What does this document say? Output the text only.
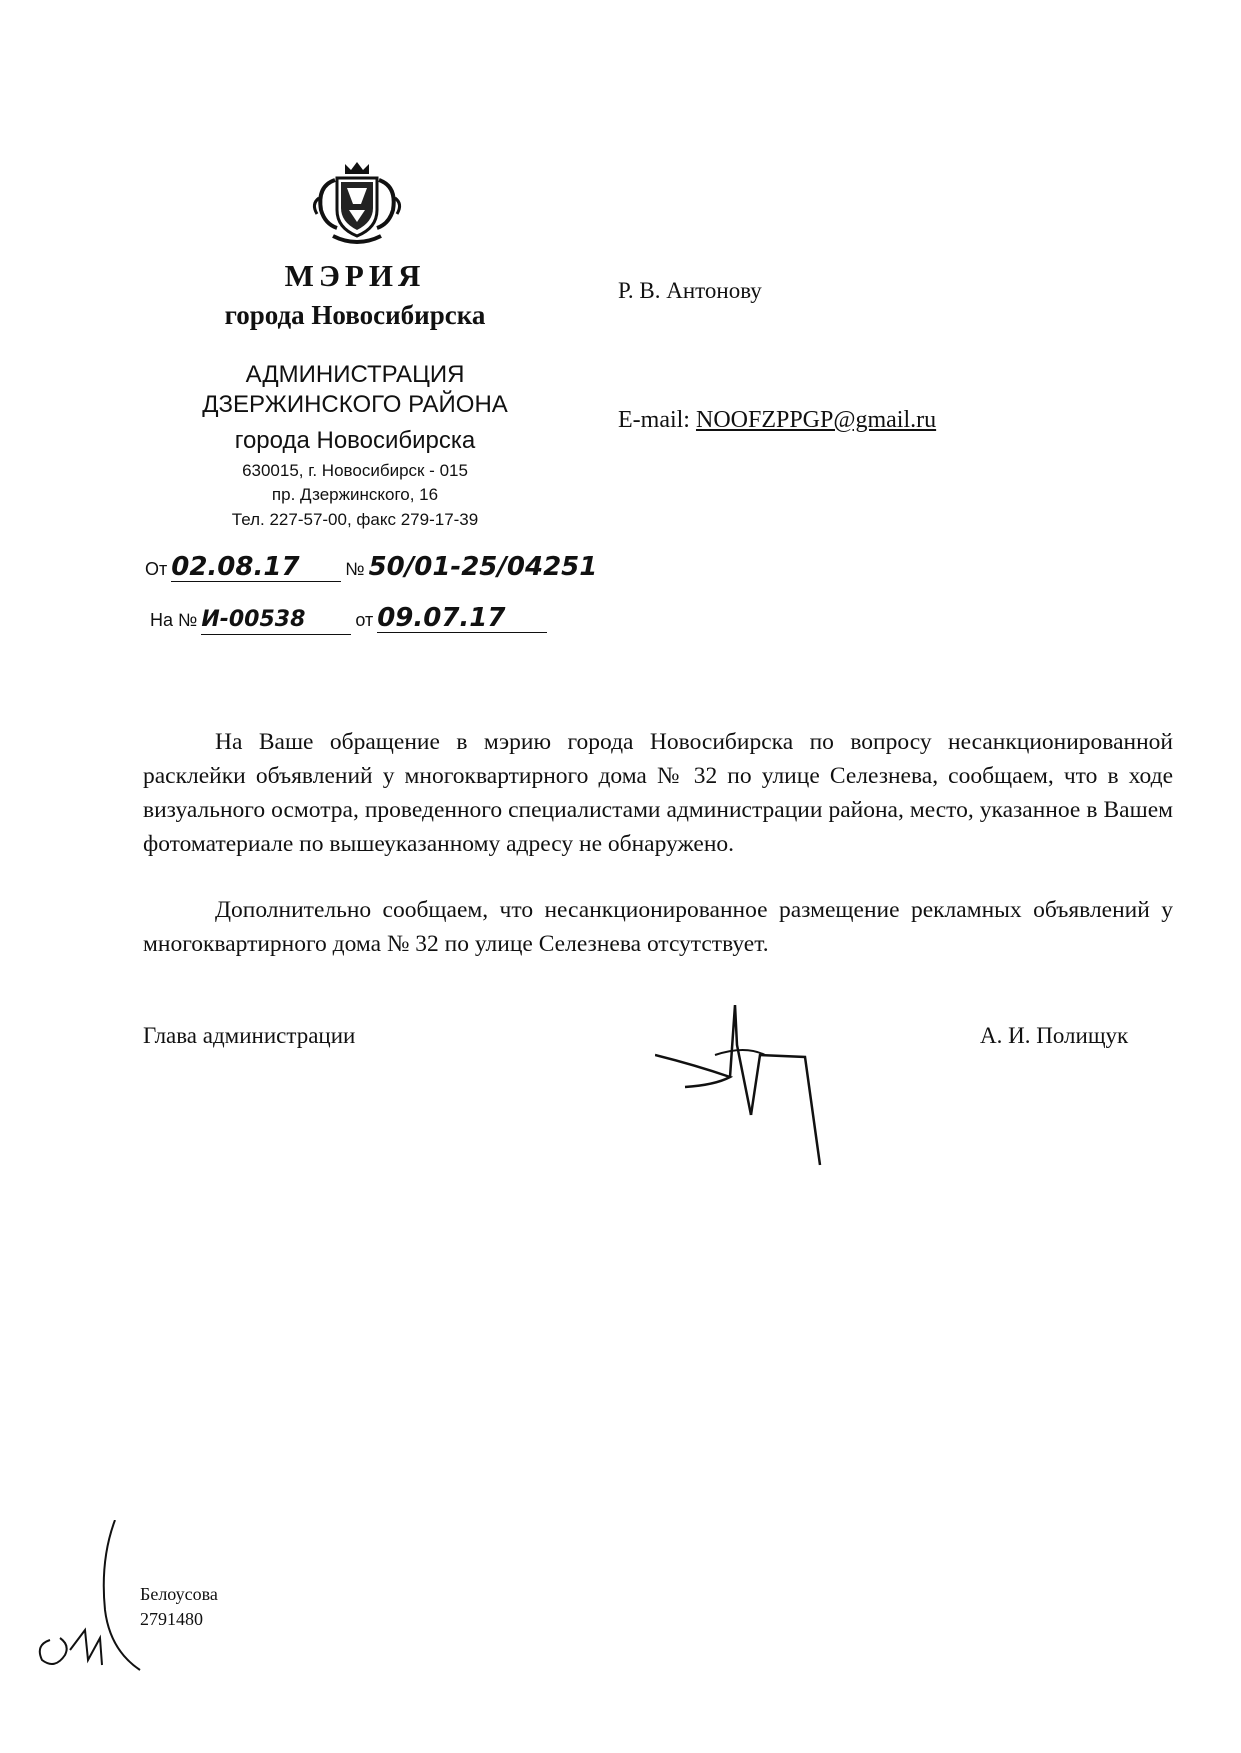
МЭРИЯ
города Новосибирска
АДМИНИСТРАЦИЯ
ДЗЕРЖИНСКОГО РАЙОНА
города Новосибирска
630015, г. Новосибирск - 015
пр. Дзержинского, 16
Тел. 227-57-00, факс 279-17-39
Р. В. Антонову
E-mail: NOOFZPPGP@gmail.ru
От 02.08.17	№ 50/01-25/04251
На № И-00538	от 09.07.17
На Ваше обращение в мэрию города Новосибирска по вопросу несанкционированной расклейки объявлений у многоквартирного дома № 32 по улице Селезнева, сообщаем, что в ходе визуального осмотра, проведенного специалистами администрации района, место, указанное в Вашем фотоматериале по вышеуказанному адресу не обнаружено.
Дополнительно сообщаем, что несанкционированное размещение рекламных объявлений у многоквартирного дома № 32 по улице Селезнева отсутствует.
Глава администрации	А. И. Полищук
Белоусова
2791480
